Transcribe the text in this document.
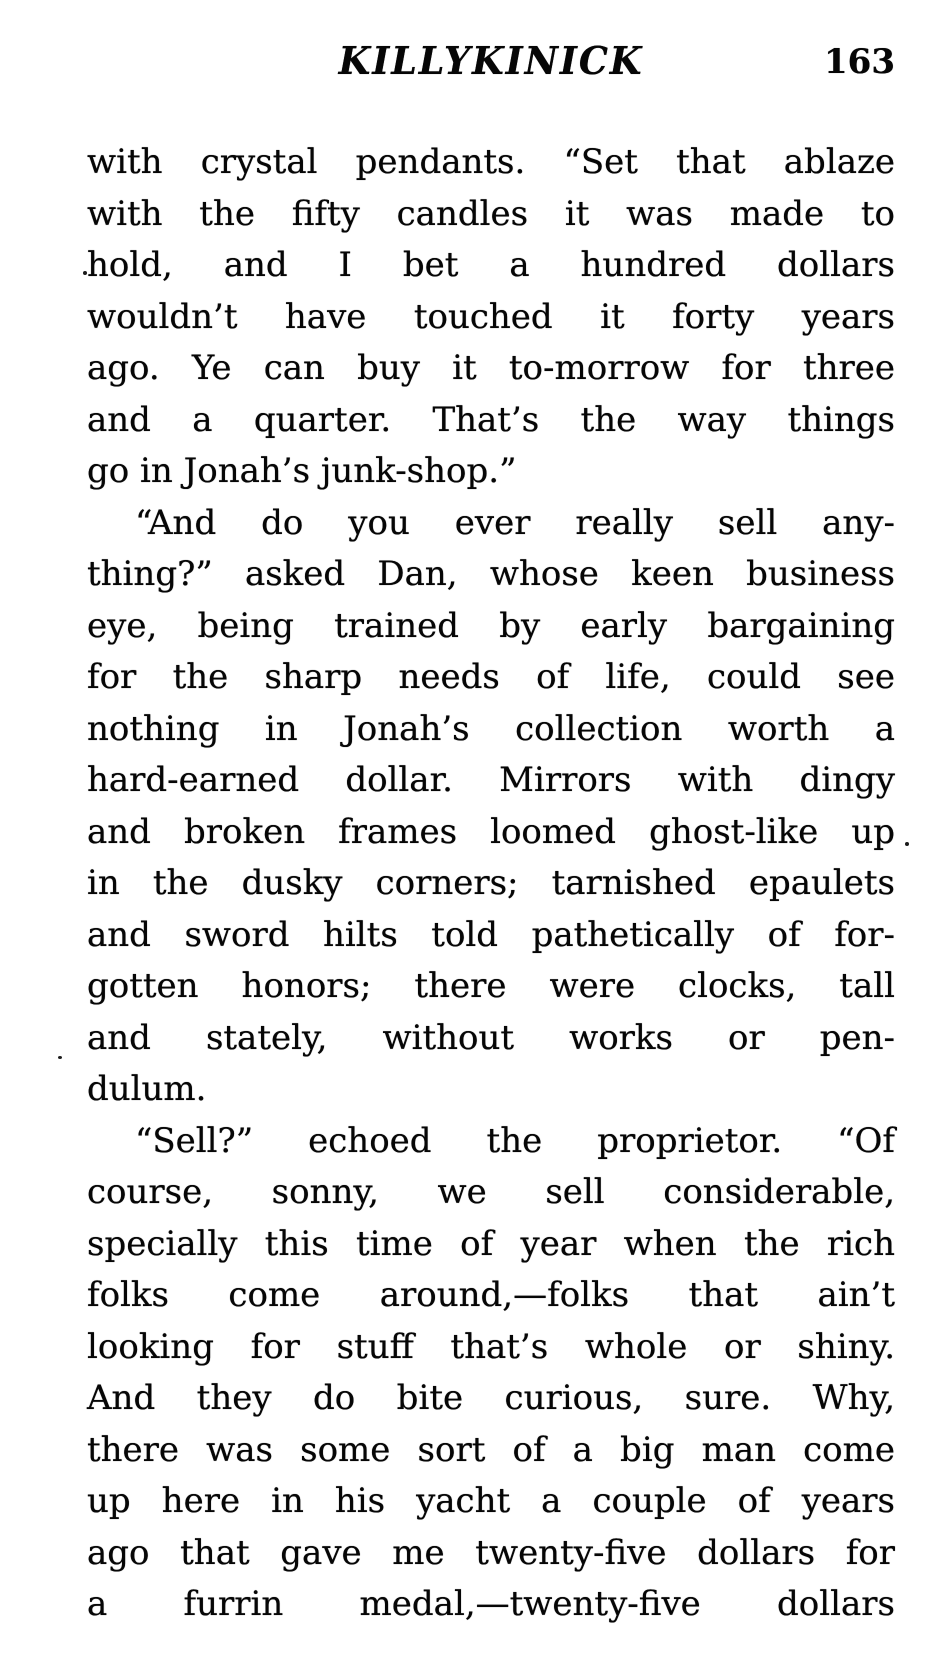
KILLYKINICK	163
with crystal pendants. “Set that ablaze
with the fifty candles it was made to
hold, and I bet a hundred dollars
wouldn’t have touched it forty years
ago. Ye can buy it to-morrow for three
and a quarter. That’s the way things
go in Jonah’s junk-shop.”
“And do you ever really sell any-
thing?” asked Dan, whose keen business
eye, being trained by early bargaining
for the sharp needs of life, could see
nothing in Jonah’s collection worth a
hard-earned dollar. Mirrors with dingy
and broken frames loomed ghost-like up
in the dusky corners; tarnished epaulets
and sword hilts told pathetically of for-
gotten honors; there were clocks, tall
and stately, without works or pen-
dulum.
“Sell?” echoed the proprietor. “Of
course, sonny, we sell considerable,
specially this time of year when the rich
folks come around,—folks that ain’t
looking for stuff that’s whole or shiny.
And they do bite curious, sure. Why,
there was some sort of a big man come
up here in his yacht a couple of years
ago that gave me twenty-five dollars for
a furrin medal,—twenty-five dollars
